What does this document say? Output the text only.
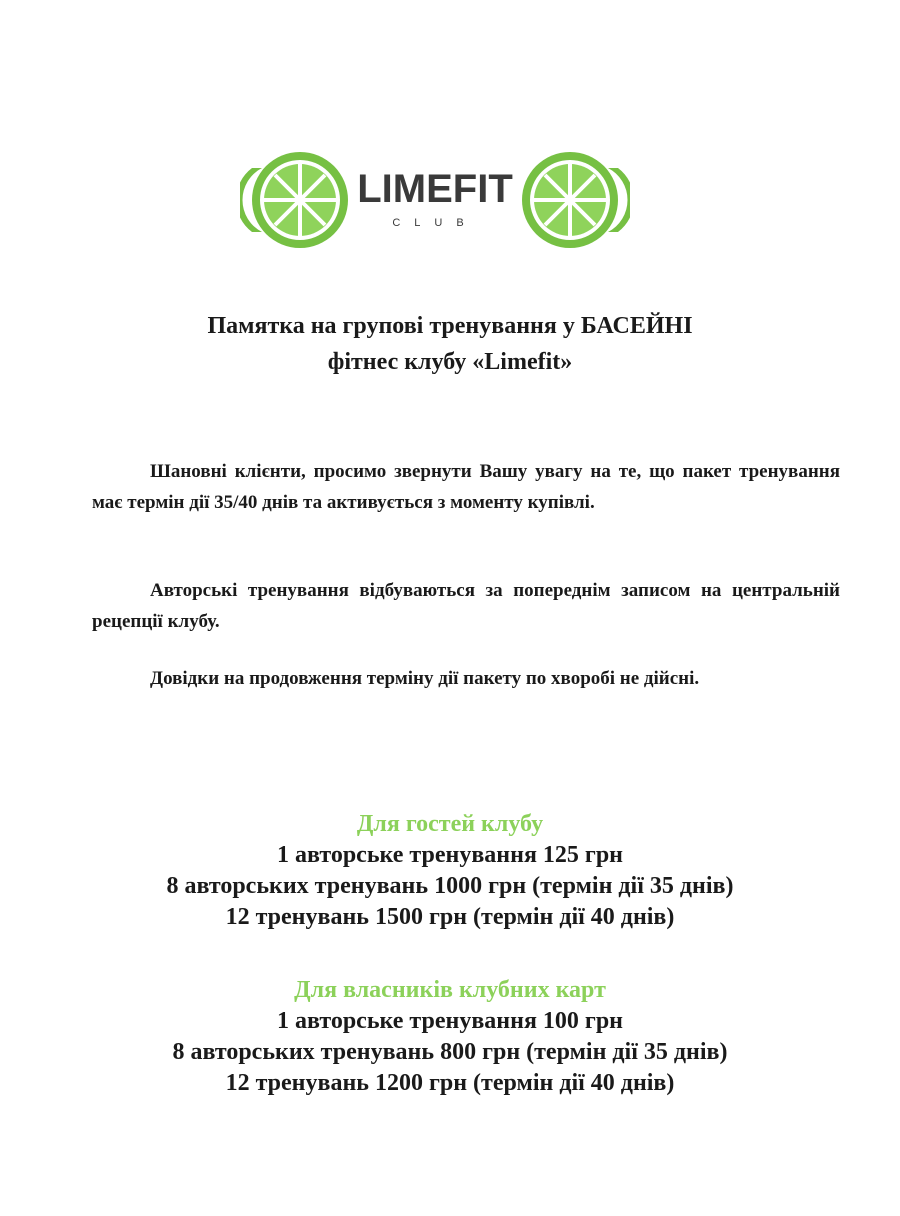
LIMEFIT
CLUB
Памятка на групові тренування у БАСЕЙНІ
фітнес клубу «Limefit»
Шановні клієнти, просимо звернути Вашу увагу на те, що пакет тренування має термін дії 35/40 днів та активується з моменту купівлі.
Авторські тренування відбуваються за попереднім записом на центральній рецепції клубу.
Довідки на продовження терміну дії пакету по хворобі не дійсні.
Для гостей клубу
1 авторське тренування 125 грн
8 авторських тренувань 1000 грн (термін дії 35 днів)
12 тренувань 1500 грн (термін дії 40 днів)
Для власників клубних карт
1 авторське тренування 100 грн
8 авторських тренувань 800 грн (термін дії 35 днів)
12 тренувань 1200 грн (термін дії 40 днів)
